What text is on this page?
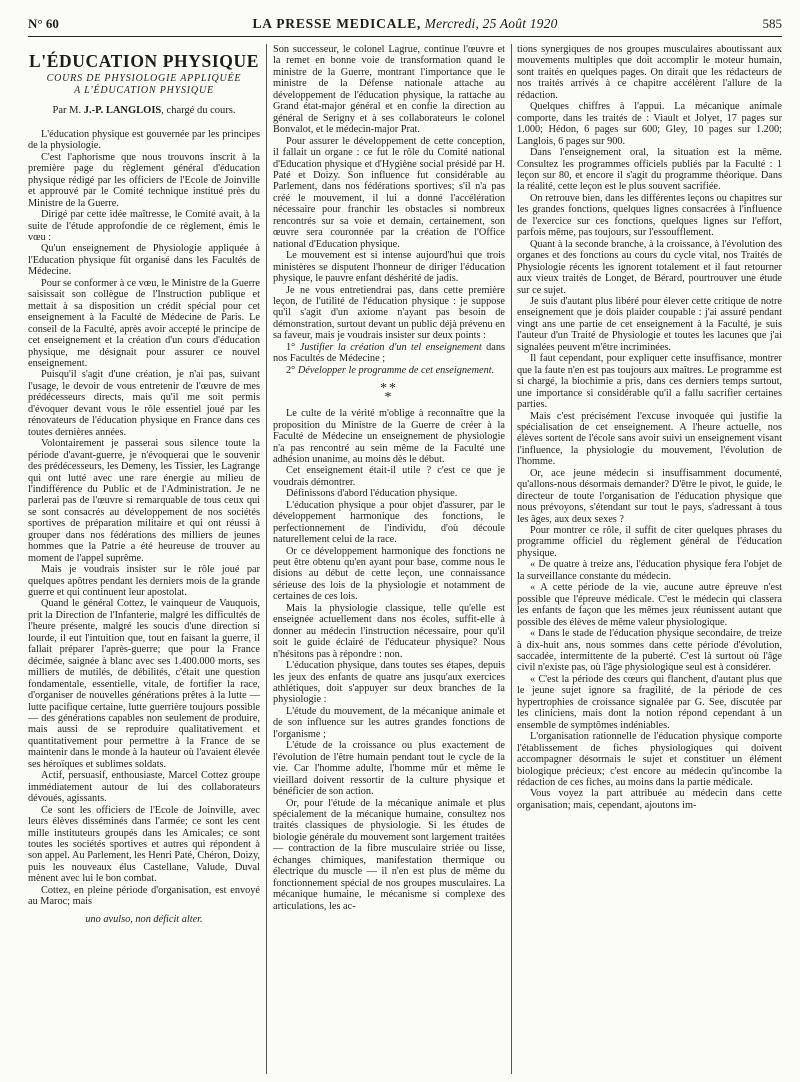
N° 60	LA PRESSE MEDICALE, Mercredi, 25 Août 1920	585
L'ÉDUCATION PHYSIQUE
COURS DE PHYSIOLOGIE APPLIQUÉE
A L'ÉDUCATION PHYSIQUE
Par M. J.-P. LANGLOIS, chargé du cours.

L'éducation physique est gouvernée par les principes de la physiologie.

C'est l'aphorisme que nous trouvons inscrit à la première page du règlement général d'éducation physique rédigé par les officiers de l'Ecole de Joinville et approuvé par le Comité technique institué près du Ministre de la Guerre.

Dirigé par cette idée maîtresse, le Comité avait, à la suite de l'étude approfondie de ce règlement, émis le vœu :

Qu'un enseignement de Physiologie appliquée à l'Education physique fût organisé dans les Facultés de Médecine.

Pour se conformer à ce vœu, le Ministre de la Guerre saisissait son collègue de l'Instruction publique et mettait à sa disposition un crédit spécial pour cet enseignement à la Faculté de Médecine de Paris. Le conseil de la Faculté, après avoir accepté le principe de cet enseignement et la création d'un cours d'éducation physique, me désignait pour assurer ce nouvel enseignement.

Puisqu'il s'agit d'une création, je n'ai pas, suivant l'usage, le devoir de vous entretenir de l'œuvre de mes prédécesseurs directs, mais qu'il me soit permis d'évoquer devant vous le rôle essentiel joué par les rénovateurs de l'éducation physique en France dans ces toutes dernières années.

Volontairement je passerai sous silence toute la période d'avant-guerre, je n'évoquerai que le souvenir des prédécesseurs, les Demeny, les Tissier, les Lagrange qui ont lutté avec une rare énergie au milieu de l'indifférence du Public et de l'Administration. Je ne parlerai pas de l'œuvre si remarquable de tous ceux qui se sont consacrés au développement de nos sociétés sportives de préparation militaire et qui ont réussi à grouper dans nos fédérations des milliers de jeunes hommes que la Patrie a été heureuse de trouver au moment de l'appel suprême.

Mais je voudrais insister sur le rôle joué par quelques apôtres pendant les derniers mois de la grande guerre et qui continuent leur apostolat.

Quand le général Cottez, le vainqueur de Vauquois, prit la Direction de l'Infanterie, malgré les difficultés de l'heure présente, malgré les soucis d'une direction si lourde, il eut l'intuition que, tout en faisant la guerre, il fallait préparer l'après-guerre; que pour la France décimée, saignée à blanc avec ses 1.400.000 morts, ses milliers de mutilés, de débilités, c'était une question fondamentale, essentielle, vitale, de fortifier la race, d'organiser de nouvelles générations prêtes à la lutte — lutte pacifique certaine, lutte guerrière toujours possible — des générations capables non seulement de produire, mais aussi de se reproduire qualitativement et quantitativement pour permettre à la France de se maintenir dans le monde à la hauteur où l'avaient élevée ses héroïques et sublimes soldats.

Actif, persuasif, enthousiaste, Marcel Cottez groupe immédiatement autour de lui des collaborateurs dévoués, agissants.

Ce sont les officiers de l'Ecole de Joinville, avec leurs élèves disséminés dans l'armée; ce sont les cent mille instituteurs groupés dans les Amicales; ce sont toutes les sociétés sportives et autres qui répondent à son appel. Au Parlement, les Henri Paté, Chéron, Doizy, puis les nouveaux élus Castellane, Valude, Duval mènent avec lui le bon combat.

Cottez, en pleine période d'organisation, est envoyé au Maroc; mais

uno avulso, non déficit alter.

Son successeur, le colonel Lagrue, continue l'œuvre et la remet en bonne voie de transformation quand le ministre de la Guerre, montrant l'importance que le ministre de la Défense nationale attache au développement de l'éducation physique, la rattache au Grand état-major général et en confie la direction au général de Serigny et à ses collaborateurs le colonel Bonvalot, et le médecin-major Prat.

Pour assurer le développement de cette conception, il fallait un organe : ce fut le rôle du Comité national d'Education physique et d'Hygiène social présidé par H. Paté et Doizy. Son influence fut considérable au Parlement, dans nos fédérations sportives; s'il n'a pas créé le mouvement, il lui a donné l'accélération nécessaire pour franchir les obstacles si nombreux rencontrés sur sa voie et demain, certainement, son œuvre sera couronnée par la création de l'Office national d'Education physique.

Le mouvement est si intense aujourd'hui que trois ministères se disputent l'honneur de diriger l'éducation physique, le pauvre enfant déshérité de jadis.

Je ne vous entretiendrai pas, dans cette première leçon, de l'utilité de l'éducation physique : je suppose qu'il s'agit d'un axiome n'ayant pas besoin de démonstration, surtout devant un public déjà prévenu en sa faveur, mais je voudrais insister sur deux points :

1° Justifier la création d'un tel enseignement dans nos Facultés de Médecine ;

2° Développer le programme de cet enseignement.

**
*

Le culte de la vérité m'oblige à reconnaître que la proposition du Ministre de la Guerre de créer à la Faculté de Médecine un enseignement de physiologie n'a pas rencontré au sein même de la Faculté une adhésion unanime, au moins dès le début.

Cet enseignement était-il utile ? c'est ce que je voudrais démontrer.

Définissons d'abord l'éducation physique.

L'éducation physique a pour objet d'assurer, par le développement harmonique des fonctions, le perfectionnement de l'individu, d'où découle naturellement celui de la race.

Or ce développement harmonique des fonctions ne peut être obtenu qu'en ayant pour base, comme nous le disions au début de cette leçon, une connaissance sérieuse des lois de la physiologie et notamment de certaines de ces lois.

Mais la physiologie classique, telle qu'elle est enseignée actuellement dans nos écoles, suffit-elle à donner au médecin l'instruction nécessaire, pour qu'il soit le guide éclairé de l'éducateur physique? Nous n'hésitons pas à répondre : non.

L'éducation physique, dans toutes ses étapes, depuis les jeux des enfants de quatre ans jusqu'aux exercices athlétiques, doit s'appuyer sur deux branches de la physiologie :

L'étude du mouvement, de la mécanique animale et de son influence sur les autres grandes fonctions de l'organisme ;

L'étude de la croissance ou plus exactement de l'évolution de l'être humain pendant tout le cycle de la vie. Car l'homme adulte, l'homme mûr et même le vieillard doivent ressortir de la culture physique et bénéficier de son action.

Or, pour l'étude de la mécanique animale et plus spécialement de la mécanique humaine, consultez nos traités classiques de physiologie. Si les études de biologie générale du mouvement sont largement traitées — contraction de la fibre musculaire striée ou lisse, échanges chimiques, manifestation thermique ou électrique du muscle — il n'en est plus de même du fonctionnement spécial de nos groupes musculaires. La mécanique humaine, le mécanisme si complexe des articulations, les ac-

tions synergiques de nos groupes musculaires aboutissant aux mouvements multiples que doit accomplir le moteur humain, sont traités en quelques pages. On dirait que les rédacteurs de nos traités arrivés à ce chapitre accélèrent l'allure de la rédaction.

Quelques chiffres à l'appui. La mécanique animale comporte, dans les traités de : Viault et Jolyet, 17 pages sur 1.000; Hédon, 6 pages sur 600; Gley, 10 pages sur 1.200; Langlois, 6 pages sur 900.

Dans l'enseignement oral, la situation est la même. Consultez les programmes officiels publiés par la Faculté : 1 leçon sur 80, et encore il s'agit du programme théorique. Dans la réalité, cette leçon est le plus souvent sacrifiée.

On retrouve bien, dans les différentes leçons ou chapitres sur les grandes fonctions, quelques lignes consacrées à l'influence de l'exercice sur ces fonctions, quelques lignes sur l'effort, parfois même, pas toujours, sur l'essoufflement.

Quant à la seconde branche, à la croissance, à l'évolution des organes et des fonctions au cours du cycle vital, nos Traités de Physiologie récents les ignorent totalement et il faut retourner aux vieux traités de Longet, de Bérard, pourtrouver une étude sur ce sujet.

Je suis d'autant plus libéré pour élever cette critique de notre enseignement que je dois plaider coupable : j'ai assuré pendant vingt ans une partie de cet enseignement à la Faculté, je suis l'auteur d'un Traité de Physiologie et toutes les lacunes que j'ai signalées peuvent m'être incriminées.

Il faut cependant, pour expliquer cette insuffisance, montrer que la faute n'en est pas toujours aux maîtres. Le programme est si chargé, la biochimie a pris, dans ces derniers temps surtout, une importance si considérable qu'il a fallu sacrifier certaines parties.

Mais c'est précisément l'excuse invoquée qui justifie la spécialisation de cet enseignement. A l'heure actuelle, nos élèves sortent de l'école sans avoir suivi un enseignement visant l'influence, la physiologie du mouvement, l'évolution de l'homme.

Or, ace jeune médecin si insuffisamment documenté, qu'allons-nous désormais demander? D'être le pivot, le guide, le directeur de toute l'organisation de l'éducation physique que nous prévoyons, s'étendant sur tout le pays, s'adressant à tous les âges, aux deux sexes ?

Pour montrer ce rôle, il suffit de citer quelques phrases du programme officiel du règlement général de l'éducation physique.

« De quatre à treize ans, l'éducation physique fera l'objet de la surveillance constante du médecin.

« A cette période de la vie, aucune autre épreuve n'est possible que l'épreuve médicale. C'est le médecin qui classera les enfants de façon que les mêmes jeux réunissent autant que possible des élèves de même valeur physiologique.

« Dans le stade de l'éducation physique secondaire, de treize à dix-huit ans, nous sommes dans cette période d'évolution, saccadée, intermittente de la puberté. C'est là surtout où l'âge civil n'existe pas, où l'âge physiologique seul est à considérer.

« C'est la période des cœurs qui flanchent, d'autant plus que le jeune sujet ignore sa fragilité, de la période de ces hypertrophies de croissance signalée par G. See, discutée par les cliniciens, mais dont la notion répond cependant à un ensemble de symptômes indéniables.

L'organisation rationnelle de l'éducation physique comporte l'établissement de fiches physiologiques qui doivent accompagner désormais le sujet et constituer un élément biologique précieux; c'est encore au médecin qu'incombe la rédaction de ces fiches, au moins dans la partie médicale.

Vous voyez la part attribuée au médecin dans cette organisation; mais, cependant, ajoutons im-
